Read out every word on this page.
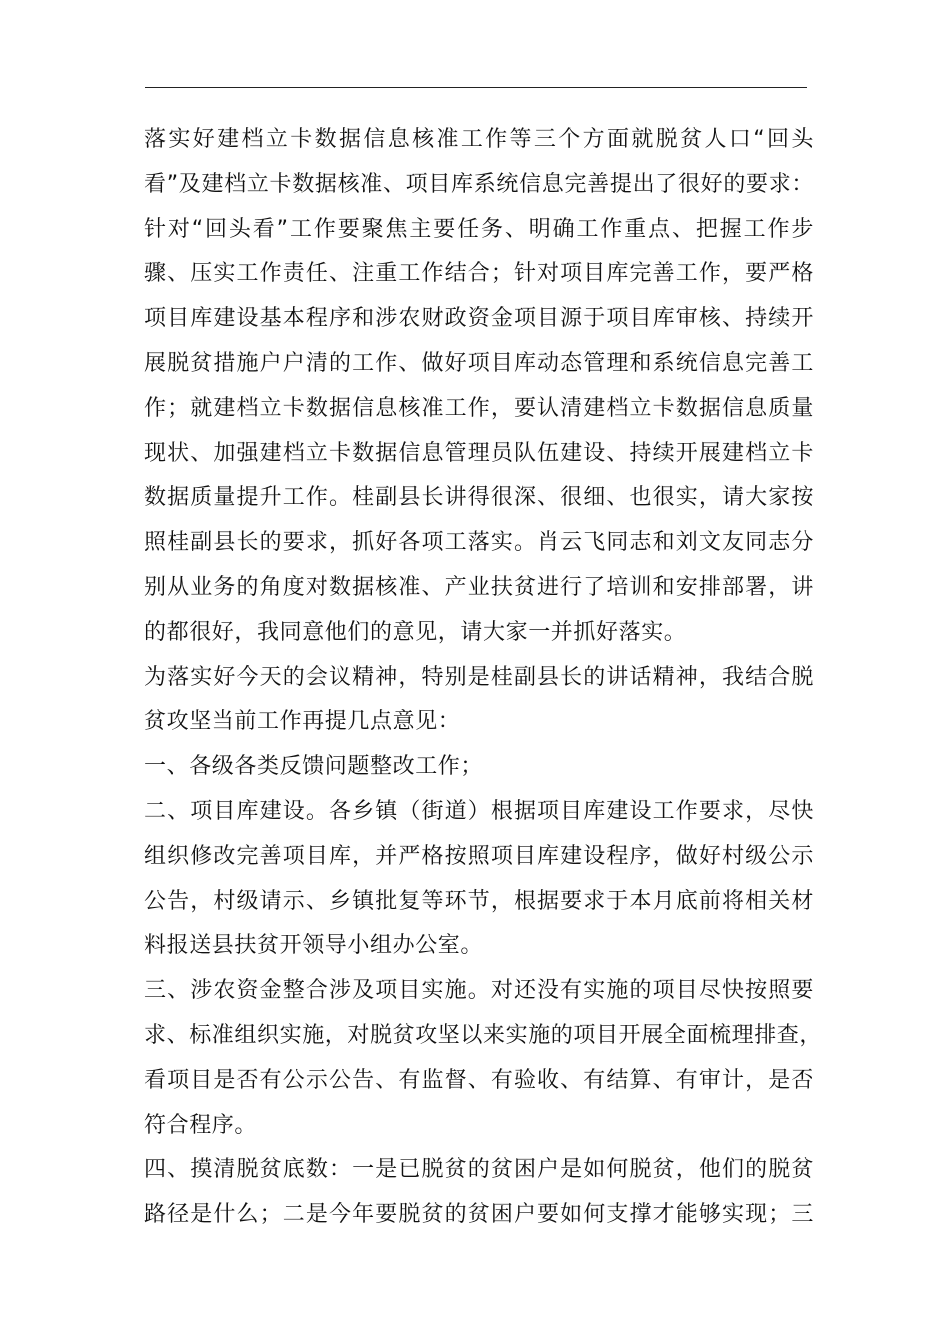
落实好建档立卡数据信息核准工作等三个方面就脱贫人口“回头
看”及建档立卡数据核准、项目库系统信息完善提出了很好的要求：
针对“回头看”工作要聚焦主要任务、明确工作重点、把握工作步
骤、压实工作责任、注重工作结合；针对项目库完善工作，要严格
项目库建设基本程序和涉农财政资金项目源于项目库审核、持续开
展脱贫措施户户清的工作、做好项目库动态管理和系统信息完善工
作；就建档立卡数据信息核准工作，要认清建档立卡数据信息质量
现状、加强建档立卡数据信息管理员队伍建设、持续开展建档立卡
数据质量提升工作。桂副县长讲得很深、很细、也很实，请大家按
照桂副县长的要求，抓好各项工落实。肖云飞同志和刘文友同志分
别从业务的角度对数据核准、产业扶贫进行了培训和安排部署，讲
的都很好，我同意他们的意见，请大家一并抓好落实。
为落实好今天的会议精神，特别是桂副县长的讲话精神，我结合脱
贫攻坚当前工作再提几点意见：
一、各级各类反馈问题整改工作；
二、项目库建设。各乡镇（街道）根据项目库建设工作要求，尽快
组织修改完善项目库，并严格按照项目库建设程序，做好村级公示
公告，村级请示、乡镇批复等环节，根据要求于本月底前将相关材
料报送县扶贫开领导小组办公室。
三、涉农资金整合涉及项目实施。对还没有实施的项目尽快按照要
求、标准组织实施，对脱贫攻坚以来实施的项目开展全面梳理排查，
看项目是否有公示公告、有监督、有验收、有结算、有审计，是否
符合程序。
四、摸清脱贫底数：一是已脱贫的贫困户是如何脱贫，他们的脱贫
路径是什么；二是今年要脱贫的贫困户要如何支撑才能够实现；三
